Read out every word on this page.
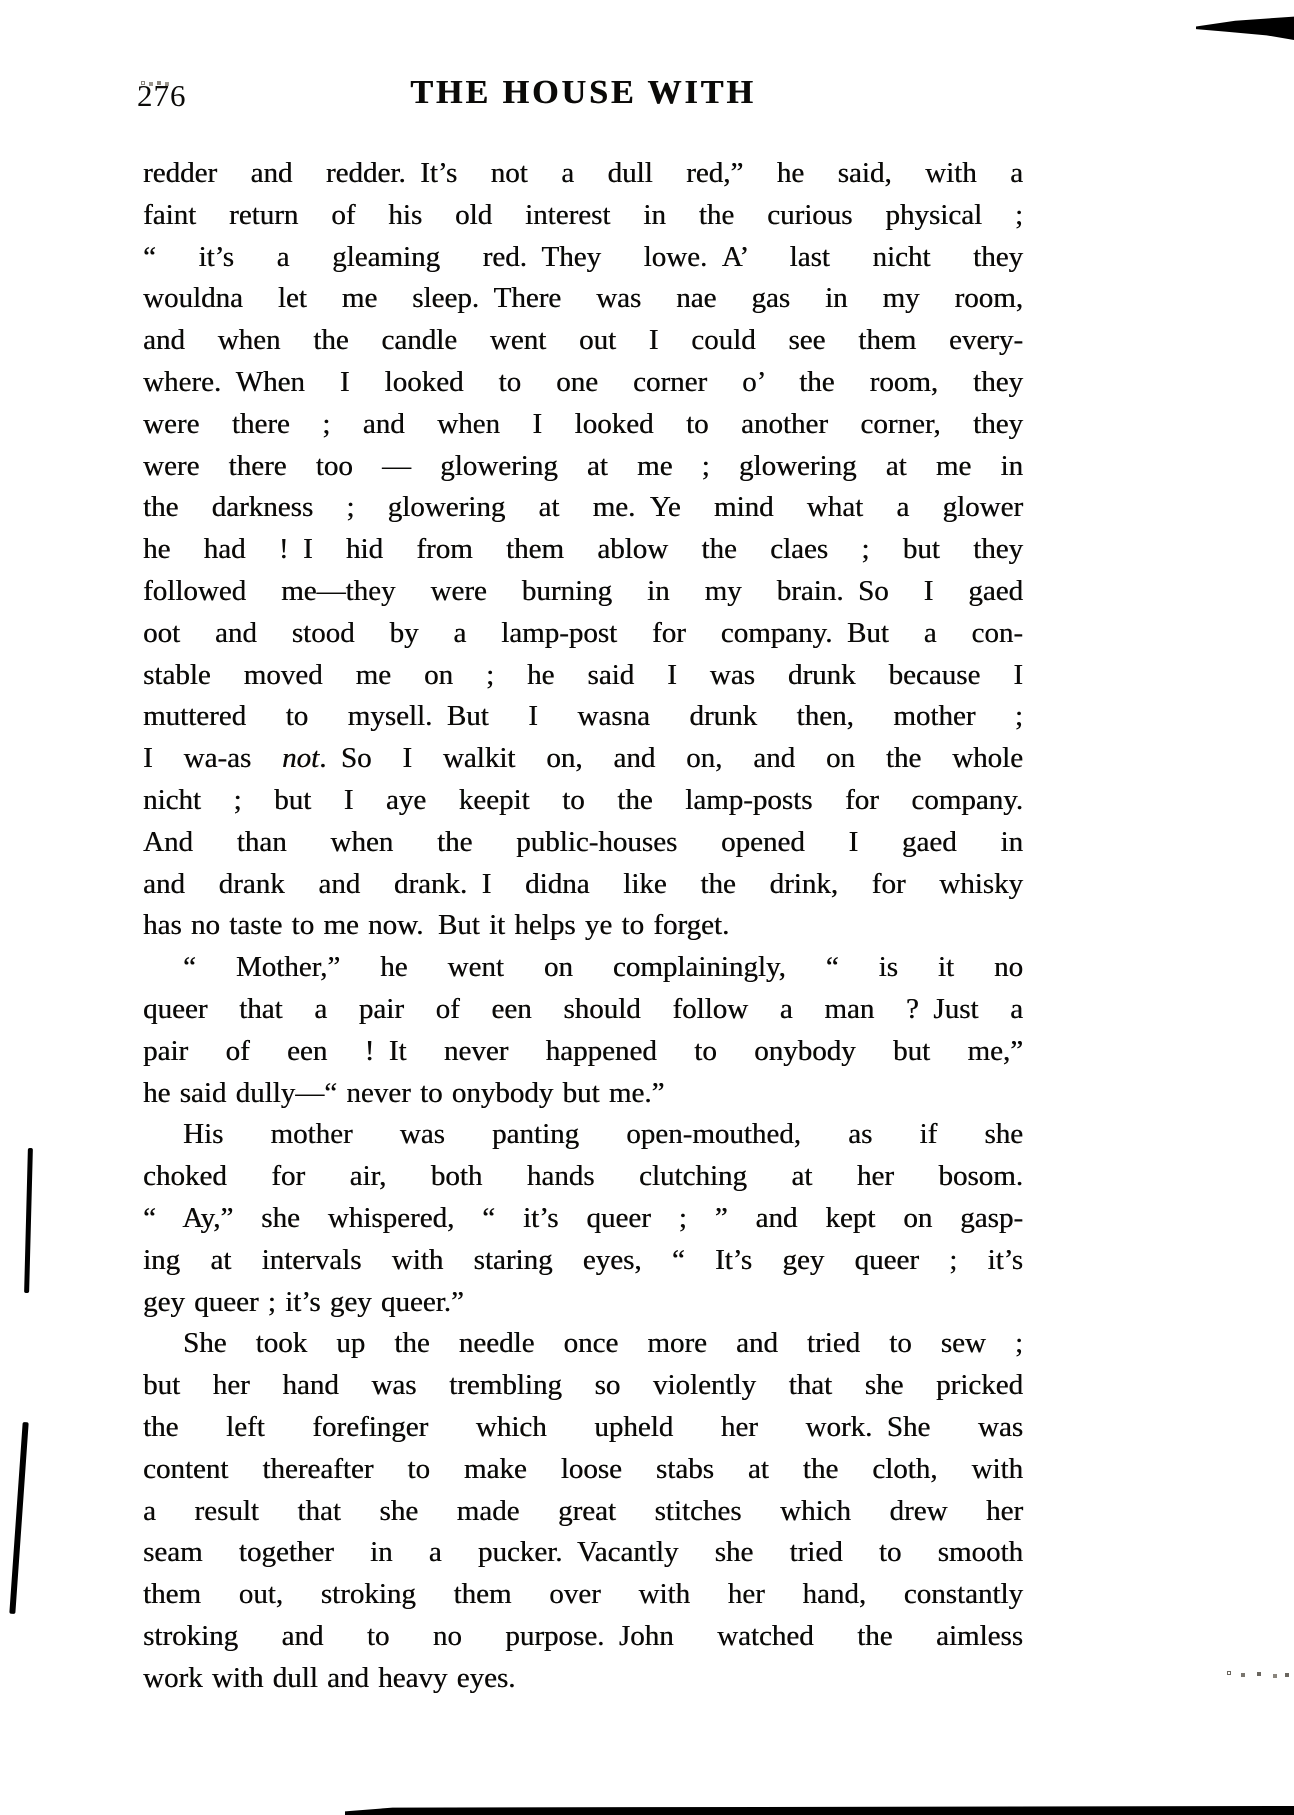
276	THE HOUSE WITH
redder and redder. It’s not a dull red,” he said, with a
faint return of his old interest in the curious physical ;
“ it’s a gleaming red. They lowe. A’ last nicht they
wouldna let me sleep. There was nae gas in my room,
and when the candle went out I could see them every-
where. When I looked to one corner o’ the room, they
were there ; and when I looked to another corner, they
were there too — glowering at me ; glowering at me in
the darkness ; glowering at me. Ye mind what a glower
he had ! I hid from them ablow the claes ; but they
followed me—they were burning in my brain. So I gaed
oot and stood by a lamp-post for company. But a con-
stable moved me on ; he said I was drunk because I
muttered to mysell. But I wasna drunk then, mother ;
I wa-as not. So I walkit on, and on, and on the whole
nicht ; but I aye keepit to the lamp-posts for company.
And than when the public-houses opened I gaed in
and drank and drank. I didna like the drink, for whisky
has no taste to me now. But it helps ye to forget.
“ Mother,” he went on complainingly, “ is it no
queer that a pair of een should follow a man ? Just a
pair of een ! It never happened to onybody but me,”
he said dully—“ never to onybody but me.”
His mother was panting open-mouthed, as if she
choked for air, both hands clutching at her bosom.
“ Ay,” she whispered, “ it’s queer ; ” and kept on gasp-
ing at intervals with staring eyes, “ It’s gey queer ; it’s
gey queer ; it’s gey queer.”
She took up the needle once more and tried to sew ;
but her hand was trembling so violently that she pricked
the left forefinger which upheld her work. She was
content thereafter to make loose stabs at the cloth, with
a result that she made great stitches which drew her
seam together in a pucker. Vacantly she tried to smooth
them out, stroking them over with her hand, constantly
stroking and to no purpose. John watched the aimless
work with dull and heavy eyes.
